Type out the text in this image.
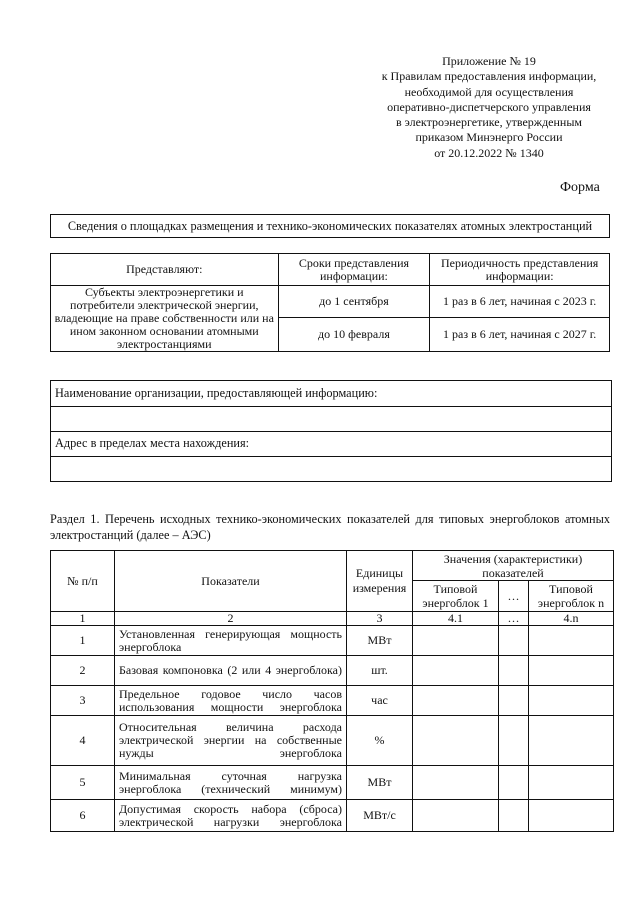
Приложение № 19
к Правилам предоставления информации,
необходимой для осуществления
оперативно-диспетчерского управления
в электроэнергетике, утвержденным
приказом Минэнерго России
от 20.12.2022 № 1340
Форма
Сведения о площадках размещения и технико-экономических показателях атомных электростанций
Представляют:	Сроки представления информации:	Периодичность представления информации:
Субъекты электроэнергетики и потребители электрической энергии, владеющие на праве собственности или на ином законном основании атомными электростанциями	до 1 сентября	1 раз в 6 лет, начиная с 2023 г.
	до 10 февраля	1 раз в 6 лет, начиная с 2027 г.
Наименование организации, предоставляющей информацию:
Адрес в пределах места нахождения:
Раздел 1. Перечень исходных технико-экономических показателей для типовых энергоблоков атомных электростанций (далее – АЭС)
№ п/п	Показатели	Единицы измерения	Значения (характеристики) показателей		
			Типовой энергоблок 1	…	Типовой энергоблок n
1	2	3	4.1	…	4.n
1	Установленная генерирующая мощность энергоблока	МВт			
2	Базовая компоновка (2 или 4 энергоблока)	шт.			
3	Предельное годовое число часов использования мощности энергоблока	час			
4	Относительная величина расхода электрической энергии на собственные нужды энергоблока	%			
5	Минимальная суточная нагрузка энергоблока (технический минимум)	МВт			
6	Допустимая скорость набора (сброса) электрической нагрузки энергоблока	МВт/с			
